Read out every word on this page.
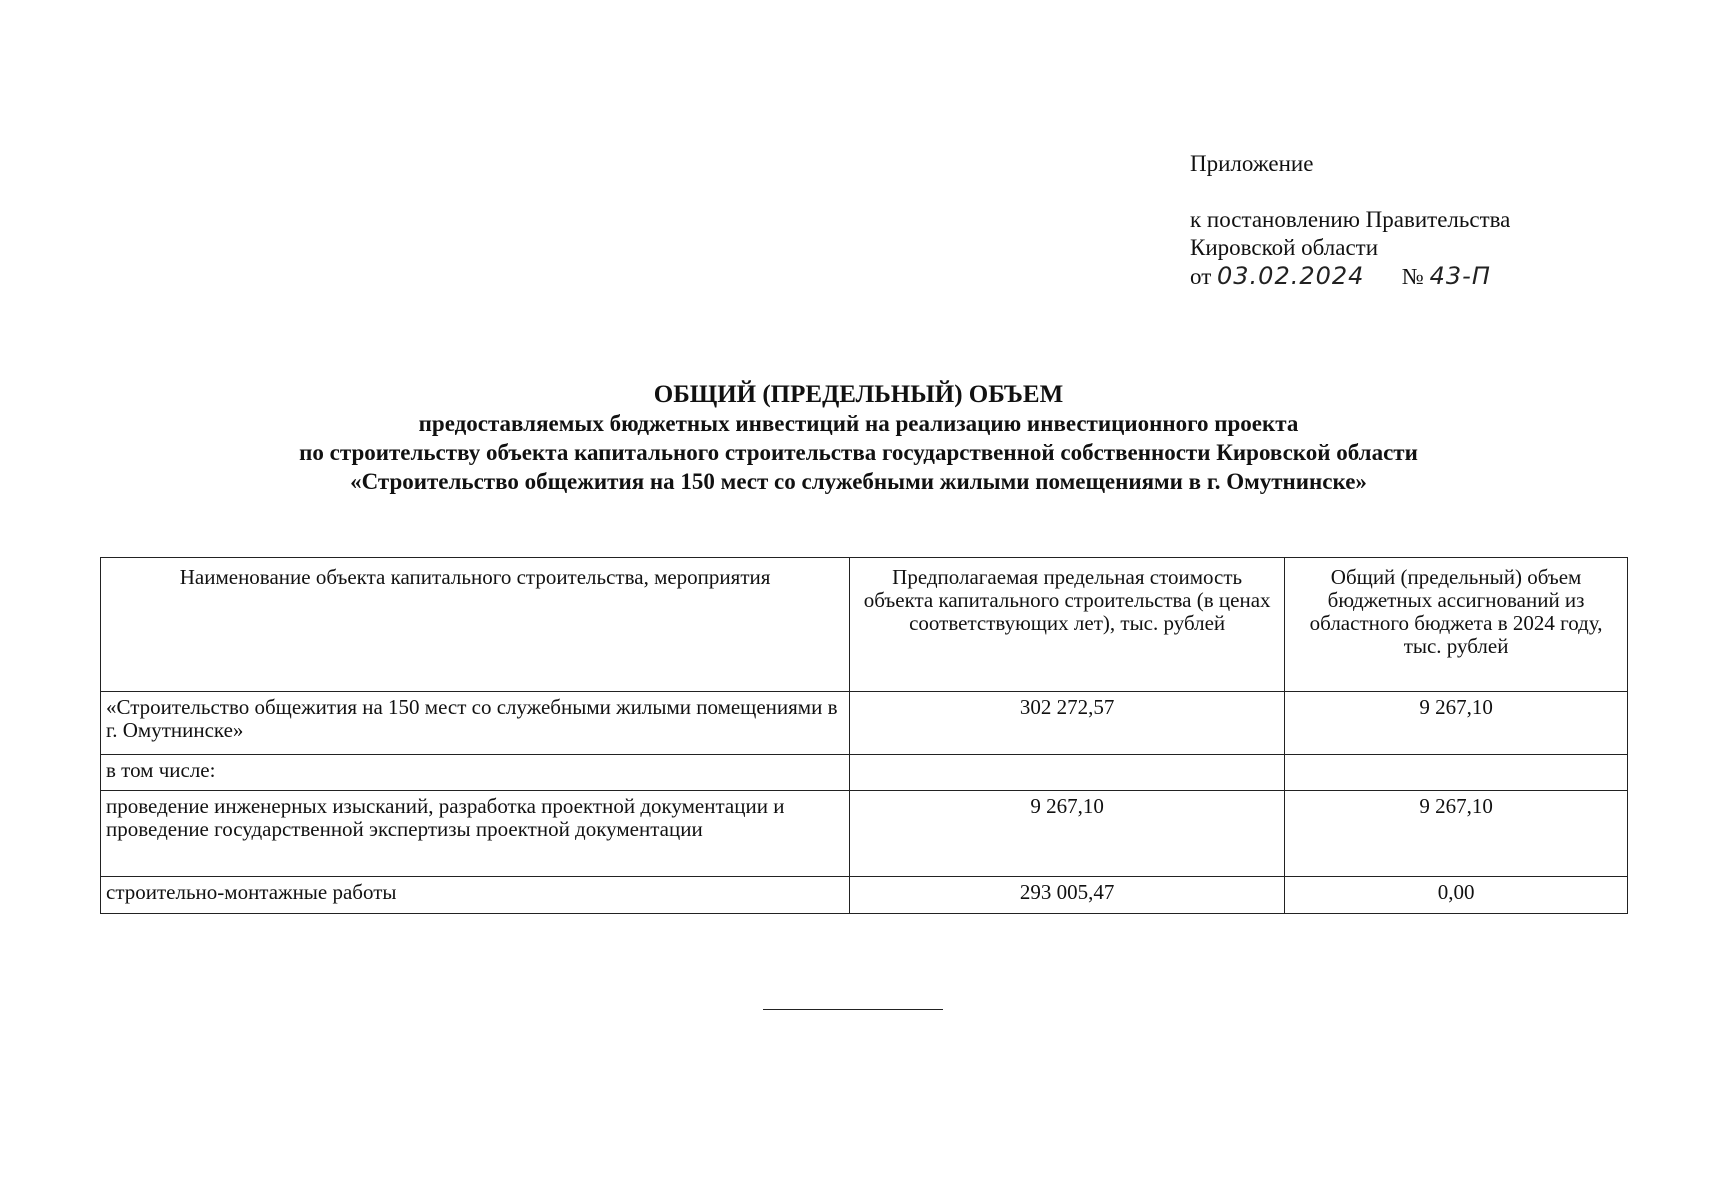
Приложение
к постановлению Правительства
Кировской области
от 03.02.2024 № 43-П
ОБЩИЙ (ПРЕДЕЛЬНЫЙ) ОБЪЕМ
предоставляемых бюджетных инвестиций на реализацию инвестиционного проекта
по строительству объекта капитального строительства государственной собственности Кировской области
«Строительство общежития на 150 мест со служебными жилыми помещениями в г. Омутнинске»
Наименование объекта капитального строительства, мероприятия	Предполагаемая предельная стоимость объекта капитального строительства (в ценах соответствующих лет), тыс. рублей	Общий (предельный) объем бюджетных ассигнований из областного бюджета в 2024 году, тыс. рублей
«Строительство общежития на 150 мест со служебными жилыми помещениями в г. Омутнинске»	302 272,57	9 267,10
в том числе:		
проведение инженерных изысканий, разработка проектной документации и проведение государственной экспертизы проектной документации	9 267,10	9 267,10
строительно-монтажные работы	293 005,47	0,00
